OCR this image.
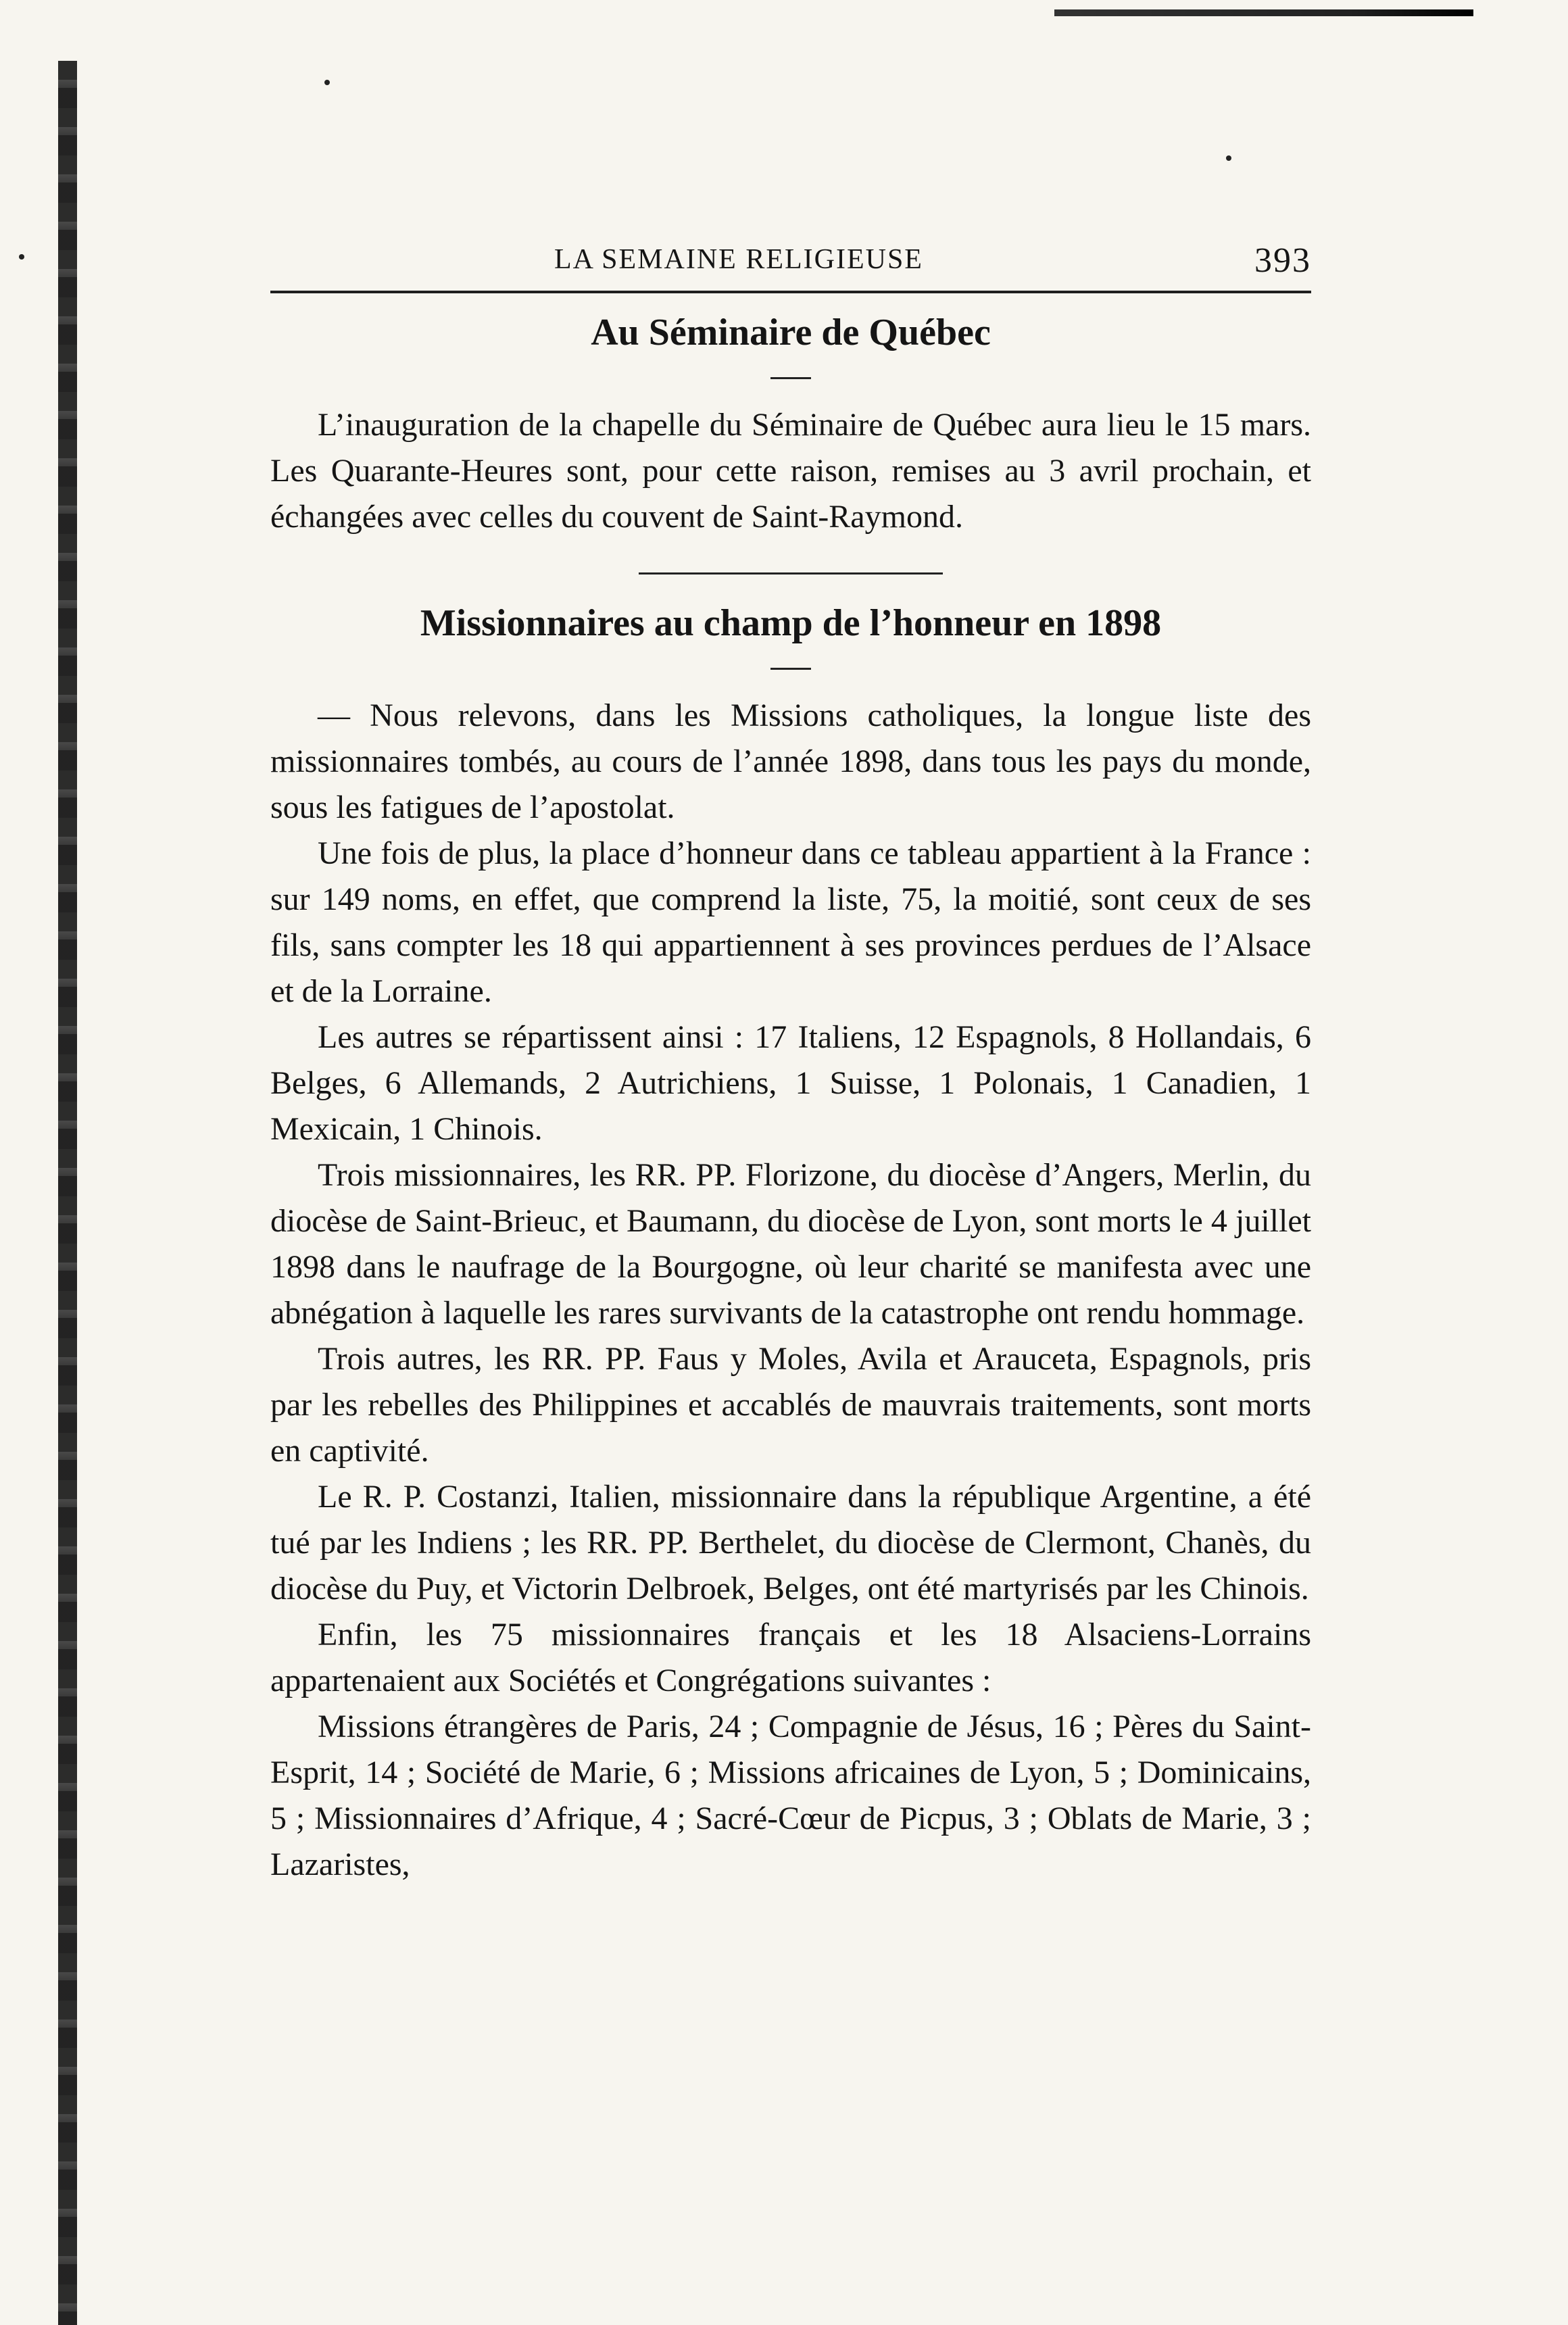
LA SEMAINE RELIGIEUSE	393
Au Séminaire de Québec

L’inauguration de la chapelle du Séminaire de Québec aura lieu le 15 mars. Les Quarante-Heures sont, pour cette raison, remises au 3 avril prochain, et échangées avec celles du couvent de Saint-Raymond.

Missionnaires au champ de l’honneur en 1898

— Nous relevons, dans les Missions catholiques, la longue liste des missionnaires tombés, au cours de l’année 1898, dans tous les pays du monde, sous les fatigues de l’apostolat.

Une fois de plus, la place d’honneur dans ce tableau appartient à la France : sur 149 noms, en effet, que comprend la liste, 75, la moitié, sont ceux de ses fils, sans compter les 18 qui appartiennent à ses provinces perdues de l’Alsace et de la Lorraine.

Les autres se répartissent ainsi : 17 Italiens, 12 Espagnols, 8 Hollandais, 6 Belges, 6 Allemands, 2 Autrichiens, 1 Suisse, 1 Polonais, 1 Canadien, 1 Mexicain, 1 Chinois.

Trois missionnaires, les RR. PP. Florizone, du diocèse d’Angers, Merlin, du diocèse de Saint-Brieuc, et Baumann, du diocèse de Lyon, sont morts le 4 juillet 1898 dans le naufrage de la Bourgogne, où leur charité se manifesta avec une abnégation à laquelle les rares survivants de la catastrophe ont rendu hommage.

Trois autres, les RR. PP. Faus y Moles, Avila et Arauceta, Espagnols, pris par les rebelles des Philippines et accablés de mauvrais traitements, sont morts en captivité.

Le R. P. Costanzi, Italien, missionnaire dans la république Argentine, a été tué par les Indiens ; les RR. PP. Berthelet, du diocèse de Clermont, Chanès, du diocèse du Puy, et Victorin Delbroek, Belges, ont été martyrisés par les Chinois.

Enfin, les 75 missionnaires français et les 18 Alsaciens-Lorrains appartenaient aux Sociétés et Congrégations suivantes :

Missions étrangères de Paris, 24 ; Compagnie de Jésus, 16 ; Pères du Saint-Esprit, 14 ; Société de Marie, 6 ; Missions africaines de Lyon, 5 ; Dominicains, 5 ; Missionnaires d’Afrique, 4 ; Sacré-Cœur de Picpus, 3 ; Oblats de Marie, 3 ; Lazaristes,
